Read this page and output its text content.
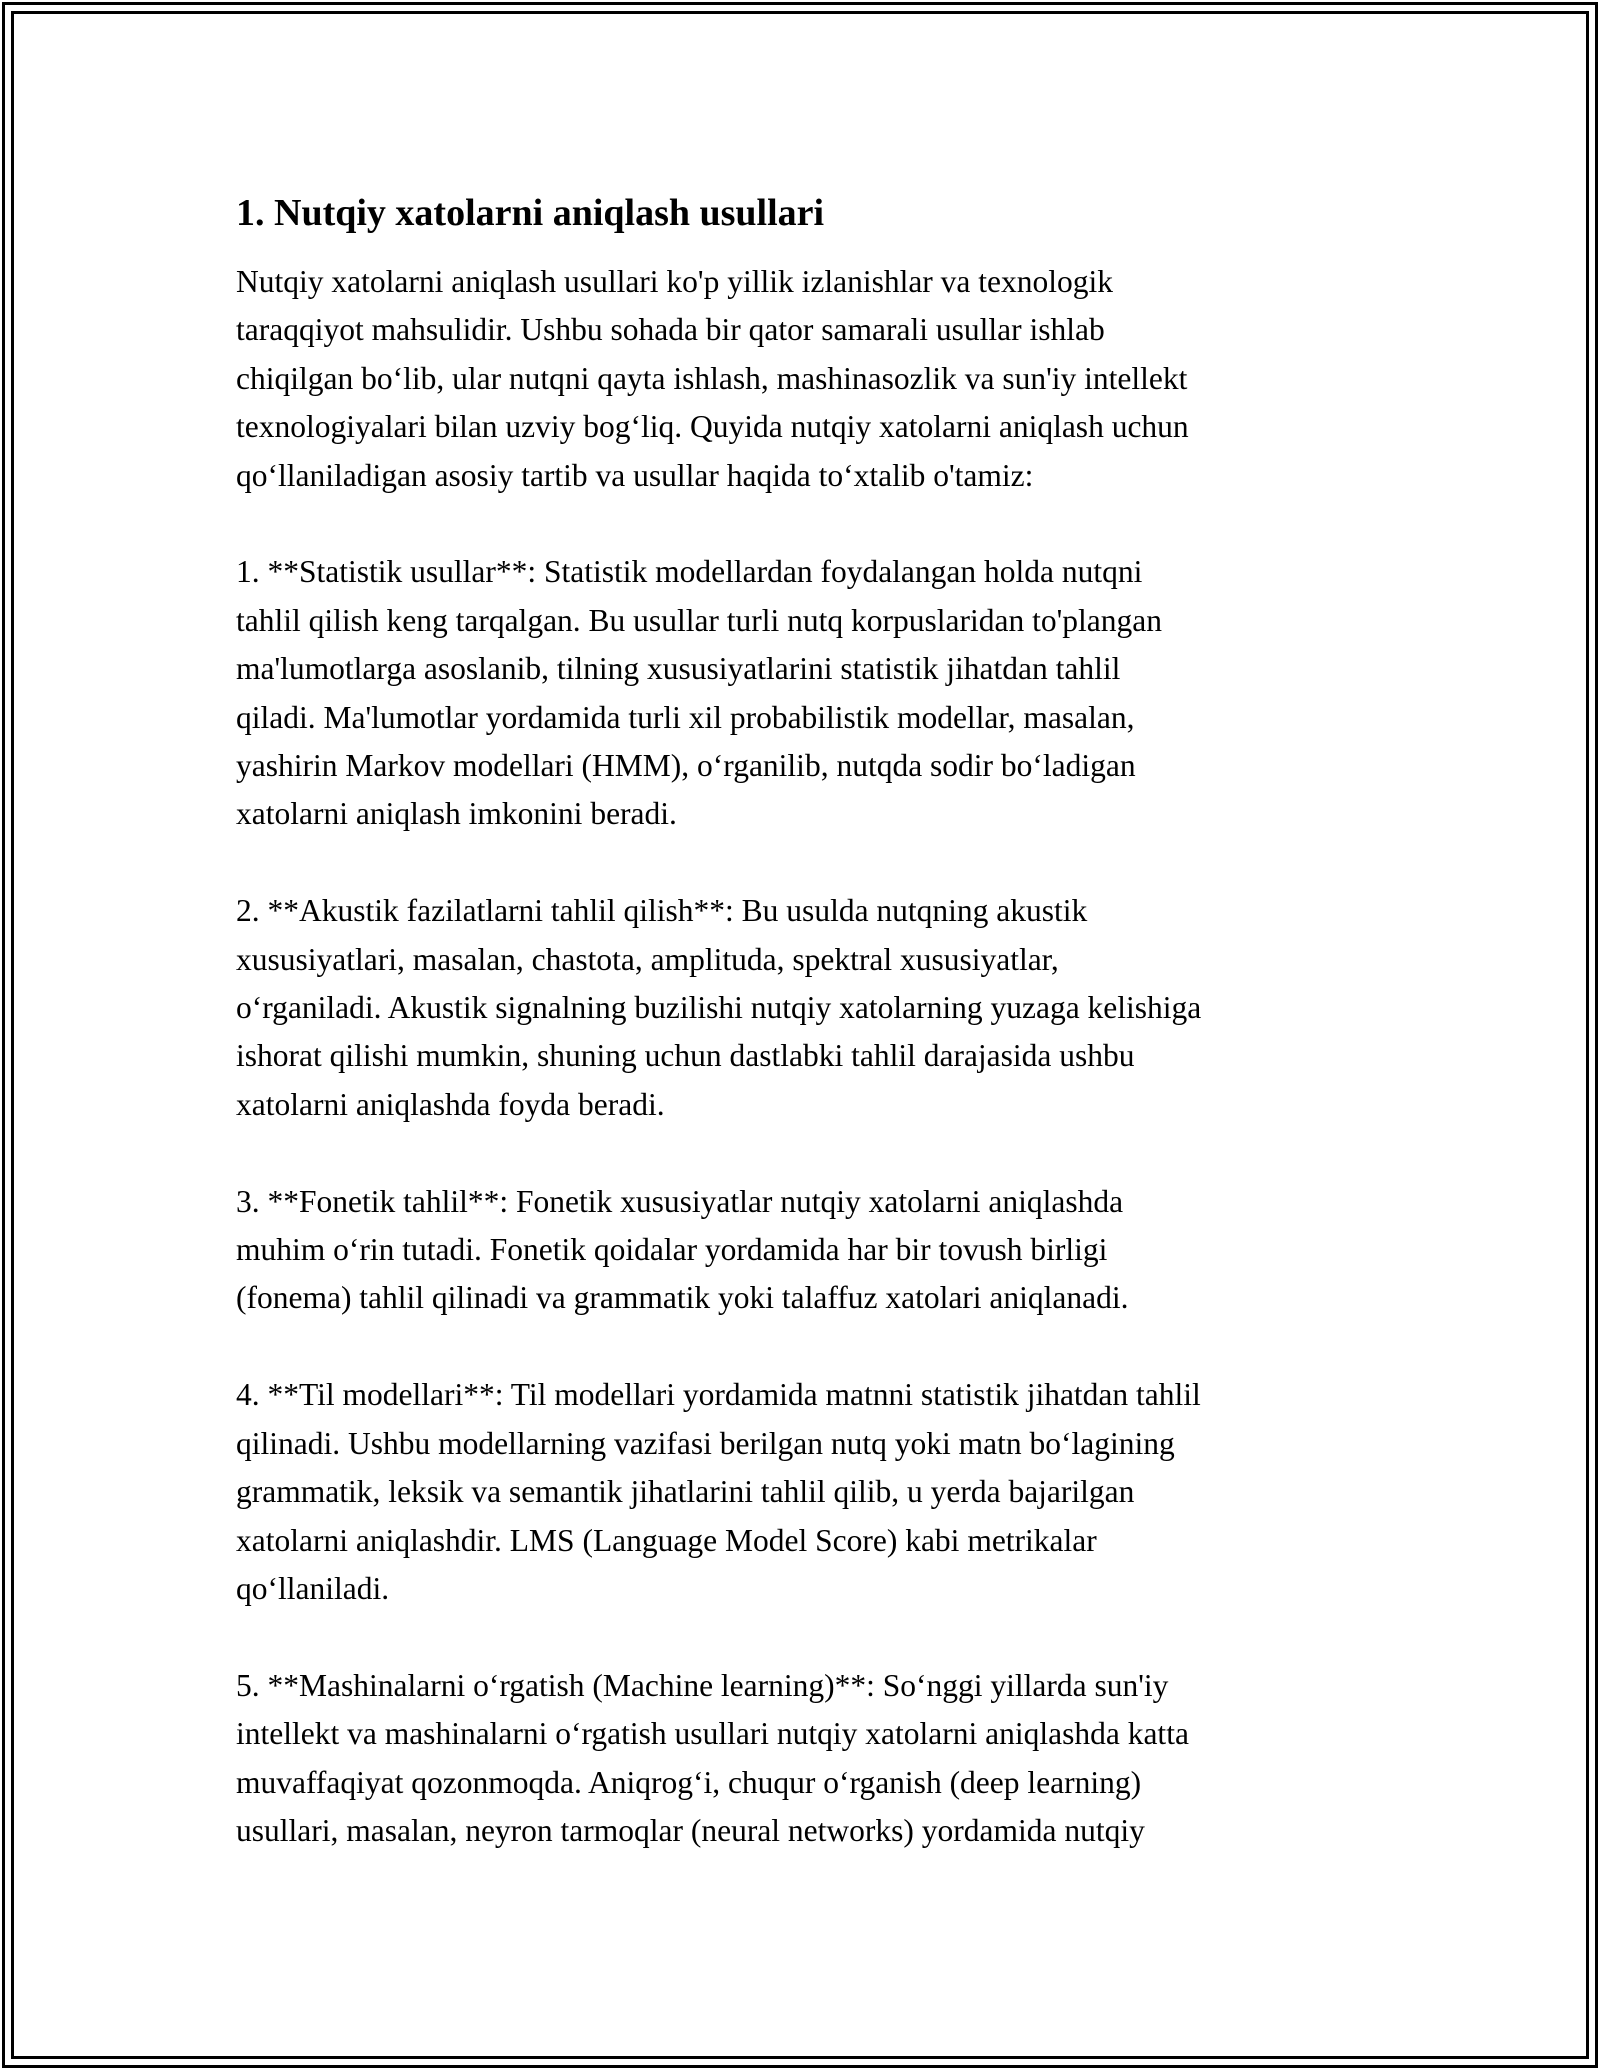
1. Nutqiy xatolarni aniqlash usullari

Nutqiy xatolarni aniqlash usullari ko'p yillik izlanishlar va texnologik
taraqqiyot mahsulidir. Ushbu sohada bir qator samarali usullar ishlab
chiqilgan bo‘lib, ular nutqni qayta ishlash, mashinasozlik va sun'iy intellekt
texnologiyalari bilan uzviy bog‘liq. Quyida nutqiy xatolarni aniqlash uchun
qo‘llaniladigan asosiy tartib va usullar haqida to‘xtalib o'tamiz:

1. **Statistik usullar**: Statistik modellardan foydalangan holda nutqni
tahlil qilish keng tarqalgan. Bu usullar turli nutq korpuslaridan to'plangan
ma'lumotlarga asoslanib, tilning xususiyatlarini statistik jihatdan tahlil
qiladi. Ma'lumotlar yordamida turli xil probabilistik modellar, masalan,
yashirin Markov modellari (HMM), o‘rganilib, nutqda sodir bo‘ladigan
xatolarni aniqlash imkonini beradi.

2. **Akustik fazilatlarni tahlil qilish**: Bu usulda nutqning akustik
xususiyatlari, masalan, chastota, amplituda, spektral xususiyatlar,
o‘rganiladi. Akustik signalning buzilishi nutqiy xatolarning yuzaga kelishiga
ishorat qilishi mumkin, shuning uchun dastlabki tahlil darajasida ushbu
xatolarni aniqlashda foyda beradi.

3. **Fonetik tahlil**: Fonetik xususiyatlar nutqiy xatolarni aniqlashda
muhim o‘rin tutadi. Fonetik qoidalar yordamida har bir tovush birligi
(fonema) tahlil qilinadi va grammatik yoki talaffuz xatolari aniqlanadi.

4. **Til modellari**: Til modellari yordamida matnni statistik jihatdan tahlil
qilinadi. Ushbu modellarning vazifasi berilgan nutq yoki matn bo‘lagining
grammatik, leksik va semantik jihatlarini tahlil qilib, u yerda bajarilgan
xatolarni aniqlashdir. LMS (Language Model Score) kabi metrikalar
qo‘llaniladi.

5. **Mashinalarni o‘rgatish (Machine learning)**: So‘nggi yillarda sun'iy
intellekt va mashinalarni o‘rgatish usullari nutqiy xatolarni aniqlashda katta
muvaffaqiyat qozonmoqda. Aniqrog‘i, chuqur o‘rganish (deep learning)
usullari, masalan, neyron tarmoqlar (neural networks) yordamida nutqiy
